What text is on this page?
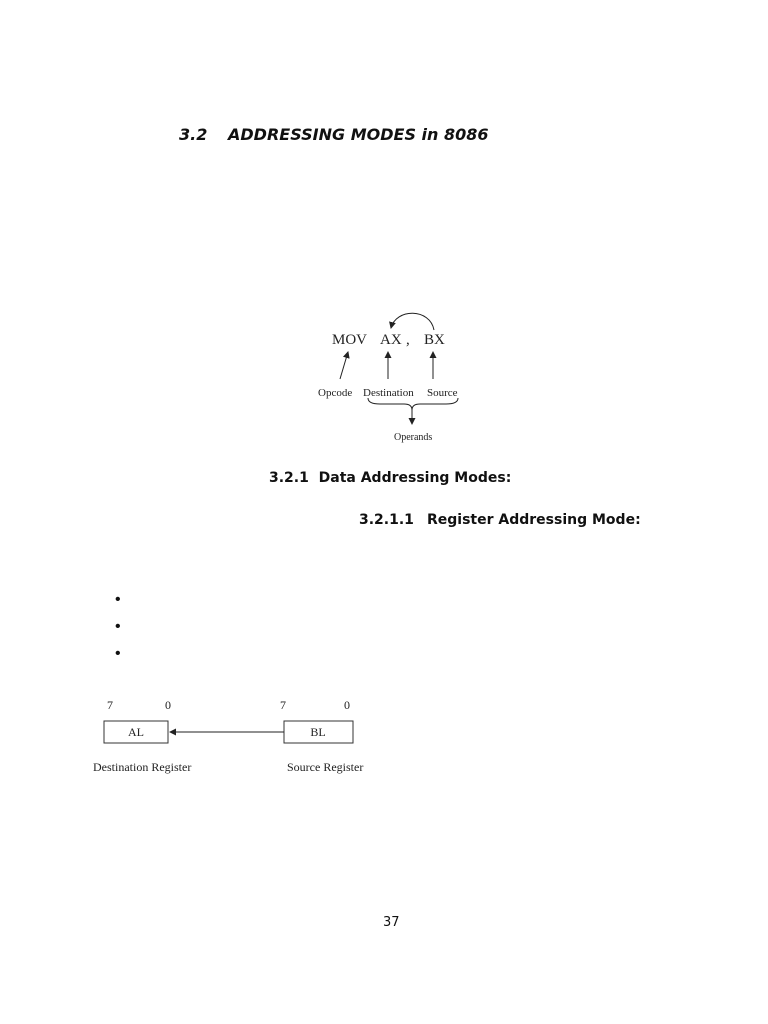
3.2 ADDRESSING MODES in 8086
MOV AX , BX
Opcode Destination Source
Operands
3.2.1 Data Addressing Modes:
3.2.1.1 Register Addressing Mode:
•
•
•
7	0	7	0
AL	BL
Destination Register	Source Register
37
